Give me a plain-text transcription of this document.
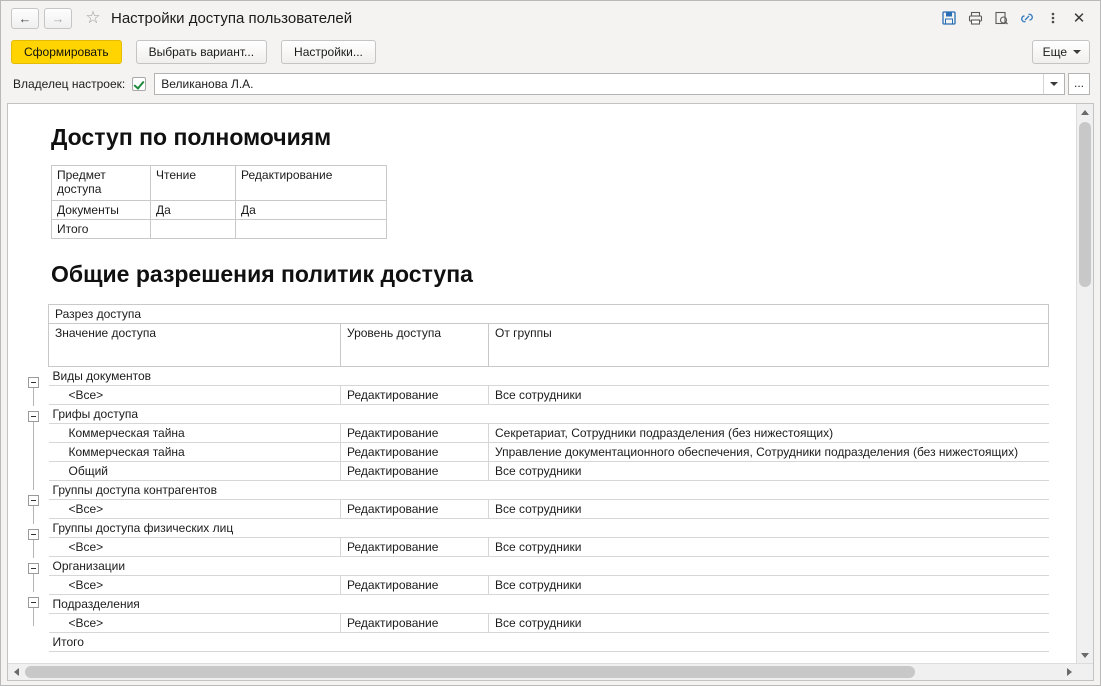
←	→	☆ Настройки доступа пользователей	✕
Сформировать	Выбрать вариант...	Настройки...	Еще
Владелец настроек:	Великанова Л.А.	...
Доступ по полномочиям
Предмет доступа	Чтение	Редактирование
Документы	Да	Да
Итого		
Общие разрешения политик доступа
Разрез доступа		
Значение доступа	Уровень доступа	От группы
Виды документов		
<Все>	Редактирование	Все сотрудники
Грифы доступа		
Коммерческая тайна	Редактирование	Секретариат, Сотрудники подразделения (без нижестоящих)
Коммерческая тайна	Редактирование	Управление документационного обеспечения, Сотрудники подразделения (без нижестоящих)
Общий	Редактирование	Все сотрудники
Группы доступа контрагентов		
<Все>	Редактирование	Все сотрудники
Группы доступа физических лиц		
<Все>	Редактирование	Все сотрудники
Организации		
<Все>	Редактирование	Все сотрудники
Подразделения		
<Все>	Редактирование	Все сотрудники
Итого		
